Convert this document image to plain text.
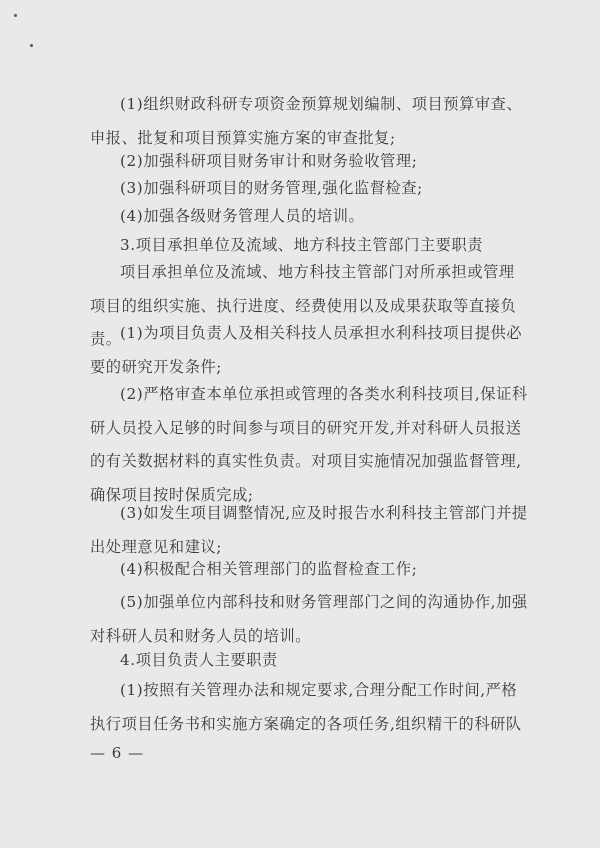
(1)组织财政科研专项资金预算规划编制、项目预算审查、申报、批复和项目预算实施方案的审查批复;
(2)加强科研项目财务审计和财务验收管理;
(3)加强科研项目的财务管理,强化监督检查;
(4)加强各级财务管理人员的培训。
3.项目承担单位及流域、地方科技主管部门主要职责
项目承担单位及流域、地方科技主管部门对所承担或管理项目的组织实施、执行进度、经费使用以及成果获取等直接负责。
(1)为项目负责人及相关科技人员承担水利科技项目提供必要的研究开发条件;
(2)严格审查本单位承担或管理的各类水利科技项目,保证科研人员投入足够的时间参与项目的研究开发,并对科研人员报送的有关数据材料的真实性负责。对项目实施情况加强监督管理,确保项目按时保质完成;
(3)如发生项目调整情况,应及时报告水利科技主管部门并提出处理意见和建议;
(4)积极配合相关管理部门的监督检查工作;
(5)加强单位内部科技和财务管理部门之间的沟通协作,加强对科研人员和财务人员的培训。
4.项目负责人主要职责
(1)按照有关管理办法和规定要求,合理分配工作时间,严格执行项目任务书和实施方案确定的各项任务,组织精干的科研队
— 6 —
